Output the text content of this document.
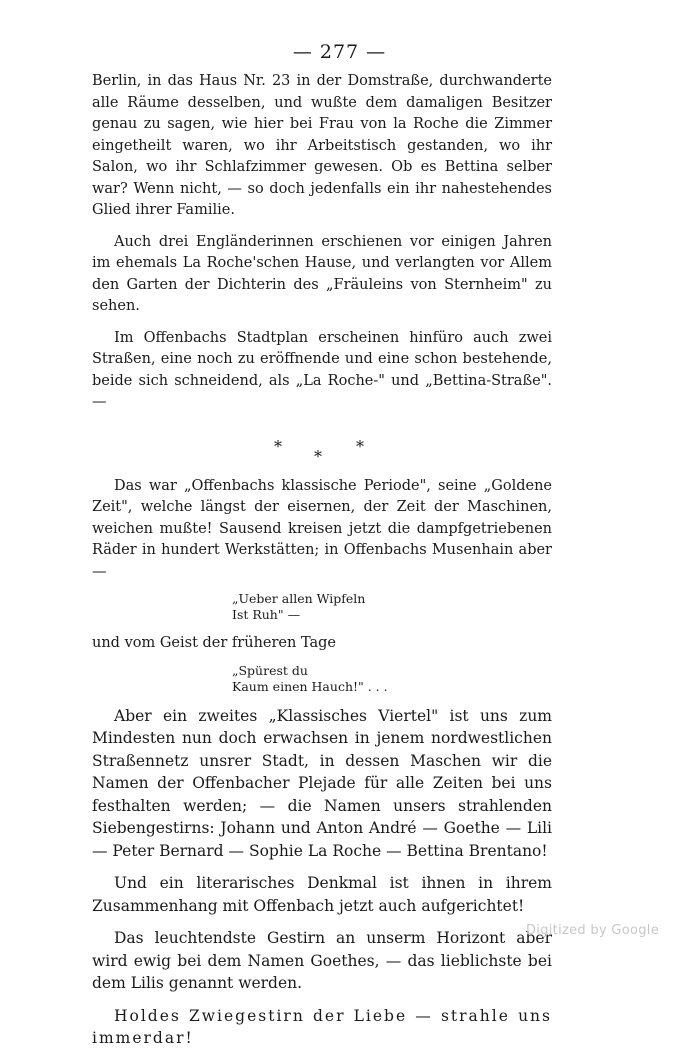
— 277 —

Berlin, in das Haus Nr. 23 in der Domstraße, durchwanderte alle Räume desselben, und wußte dem damaligen Besitzer genau zu sagen, wie hier bei Frau von la Roche die Zimmer eingetheilt waren, wo ihr Arbeitstisch gestanden, wo ihr Salon, wo ihr Schlafzimmer gewesen. Ob es Bettina selber war? Wenn nicht, — so doch jedenfalls ein ihr nahestehendes Glied ihrer Familie.

Auch drei Engländerinnen erschienen vor einigen Jahren im ehemals La Roche'schen Hause, und verlangten vor Allem den Garten der Dichterin des „Fräuleins von Sternheim" zu sehen.

Im Offenbachs Stadtplan erscheinen hinfüro auch zwei Straßen, eine noch zu eröffnende und eine schon bestehende, beide sich schneidend, als „La Roche-" und „Bettina-Straße". —

*
*
*

Das war „Offenbachs klassische Periode", seine „Goldene Zeit", welche längst der eisernen, der Zeit der Maschinen, weichen mußte! Sausend kreisen jetzt die dampfgetriebenen Räder in hundert Werkstätten; in Offenbachs Musenhain aber —

„Ueber allen Wipfeln

Ist Ruh" —

und vom Geist der früheren Tage

„Spürest du

Kaum einen Hauch!" . . .

Aber ein zweites „Klassisches Viertel" ist uns zum Mindesten nun doch erwachsen in jenem nordwestlichen Straßennetz unsrer Stadt, in dessen Maschen wir die Namen der Offenbacher Plejade für alle Zeiten bei uns festhalten werden; — die Namen unsers strahlenden Siebengestirns: Johann und Anton André — Goethe — Lili — Peter Bernard — Sophie La Roche — Bettina Brentano!

Und ein literarisches Denkmal ist ihnen in ihrem Zusammenhang mit Offenbach jetzt auch aufgerichtet!

Das leuchtendste Gestirn an unserm Horizont aber wird ewig bei dem Namen Goethes, — das lieblichste bei dem Lilis genannt werden.

Holdes Zwiegestirn der Liebe — strahle uns immerdar!

Digitized by Google
